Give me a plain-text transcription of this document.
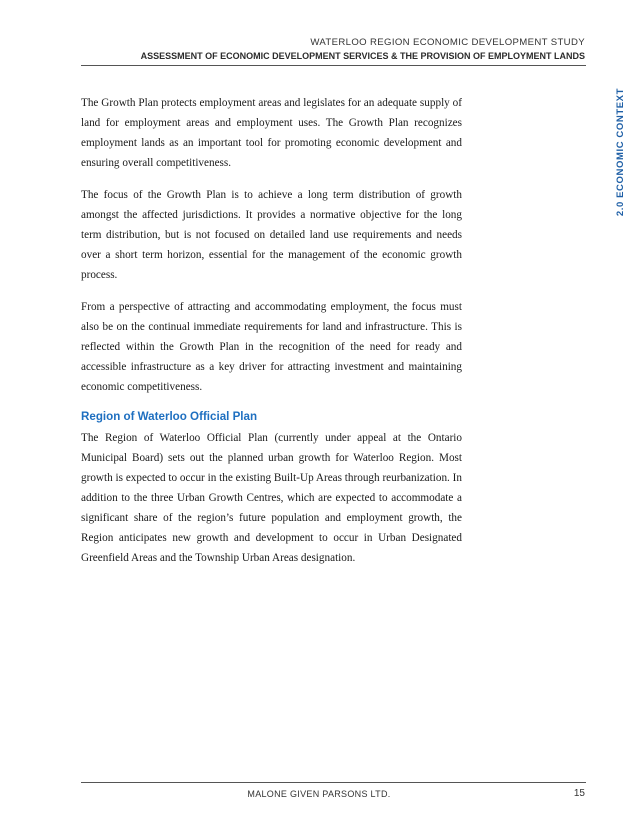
WATERLOO REGION ECONOMIC DEVELOPMENT STUDY
ASSESSMENT OF ECONOMIC DEVELOPMENT SERVICES & THE PROVISION OF EMPLOYMENT LANDS
2.0 ECONOMIC CONTEXT

The Growth Plan protects employment areas and legislates for an adequate supply of land for employment areas and employment uses. The Growth Plan recognizes employment lands as an important tool for promoting economic development and ensuring overall competitiveness.

The focus of the Growth Plan is to achieve a long term distribution of growth amongst the affected jurisdictions. It provides a normative objective for the long term distribution, but is not focused on detailed land use requirements and needs over a short term horizon, essential for the management of the economic growth process.

From a perspective of attracting and accommodating employment, the focus must also be on the continual immediate requirements for land and infrastructure. This is reflected within the Growth Plan in the recognition of the need for ready and accessible infrastructure as a key driver for attracting investment and maintaining economic competitiveness.

Region of Waterloo Official Plan

The Region of Waterloo Official Plan (currently under appeal at the Ontario Municipal Board) sets out the planned urban growth for Waterloo Region. Most growth is expected to occur in the existing Built-Up Areas through reurbanization. In addition to the three Urban Growth Centres, which are expected to accommodate a significant share of the region’s future population and employment growth, the Region anticipates new growth and development to occur in Urban Designated Greenfield Areas and the Township Urban Areas designation.

MALONE GIVEN PARSONS LTD.	15
